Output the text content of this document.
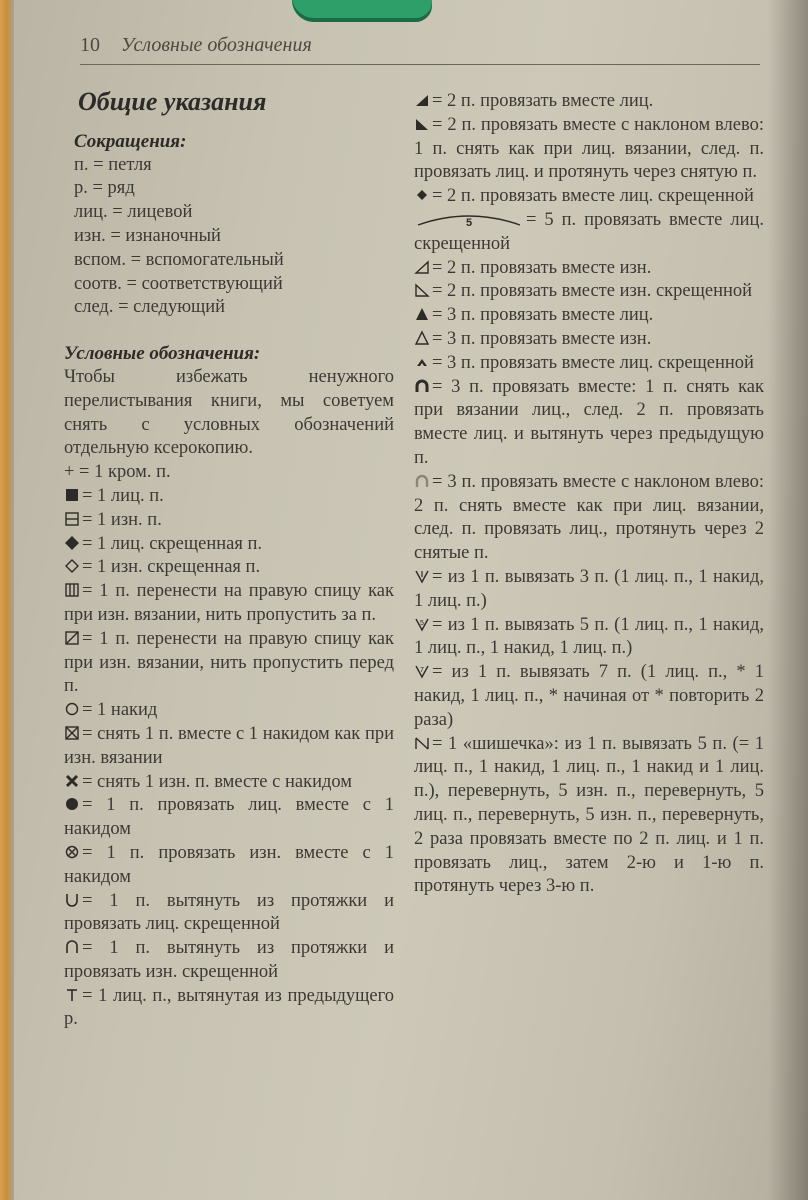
10 Условные обозначения
Общие указания
Сокращения:
п. = петля
р. = ряд
лиц. = лицевой
изн. = изнаночный
вспом. = вспомогательный
соотв. = соответствующий
след. = следующий
Условные обозначения:
Чтобы избежать ненужного перелистывания книги, мы советуем снять с условных обозначений отдельную ксерокопию.
+ = 1 кром. п.
= 1 лиц. п.
= 1 изн. п.
= 1 лиц. скрещенная п.
= 1 изн. скрещенная п.
= 1 п. перенести на правую спицу как при изн. вязании, нить пропустить за п.
= 1 п. перенести на правую спицу как при изн. вязании, нить пропустить перед п.
= 1 накид
= снять 1 п. вместе с 1 накидом как при изн. вязании
= снять 1 изн. п. вместе с накидом
= 1 п. провязать лиц. вместе с 1 накидом
= 1 п. провязать изн. вместе с 1 накидом
= 1 п. вытянуть из протяжки и провязать лиц. скрещенной
= 1 п. вытянуть из протяжки и провязать изн. скрещенной
= 1 лиц. п., вытянутая из предыдущего р.
= 2 п. провязать вместе лиц.
= 2 п. провязать вместе с наклоном влево: 1 п. снять как при лиц. вязании, след. п. провязать лиц. и протянуть через снятую п.
= 2 п. провязать вместе лиц. скрещенной
5	= 5 п. провязать вместе лиц. скрещенной
= 2 п. провязать вместе изн.
= 2 п. провязать вместе изн. скрещенной
= 3 п. провязать вместе лиц.
= 3 п. провязать вместе изн.
= 3 п. провязать вместе лиц. скрещенной
= 3 п. провязать вместе: 1 п. снять как при вязании лиц., след. 2 п. провязать вместе лиц. и вытянуть через предыдущую п.
= 3 п. провязать вместе с наклоном влево: 2 п. снять вместе как при лиц. вязании, след. п. провязать лиц., протянуть через 2 снятые п.
= из 1 п. вывязать 3 п. (1 лиц. п., 1 накид, 1 лиц. п.)
5 = из 1 п. вывязать 5 п. (1 лиц. п., 1 накид, 1 лиц. п., 1 накид, 1 лиц. п.)
7 = из 1 п. вывязать 7 п. (1 лиц. п., * 1 накид, 1 лиц. п., * начиная от * повторить 2 раза)
= 1 «шишечка»: из 1 п. вывязать 5 п. (= 1 лиц. п., 1 накид, 1 лиц. п., 1 накид и 1 лиц. п.), перевернуть, 5 изн. п., перевернуть, 5 лиц. п., перевернуть, 5 изн. п., перевернуть, 2 раза провязать вместе по 2 п. лиц. и 1 п. провязать лиц., затем 2-ю и 1-ю п. протянуть через 3-ю п.
